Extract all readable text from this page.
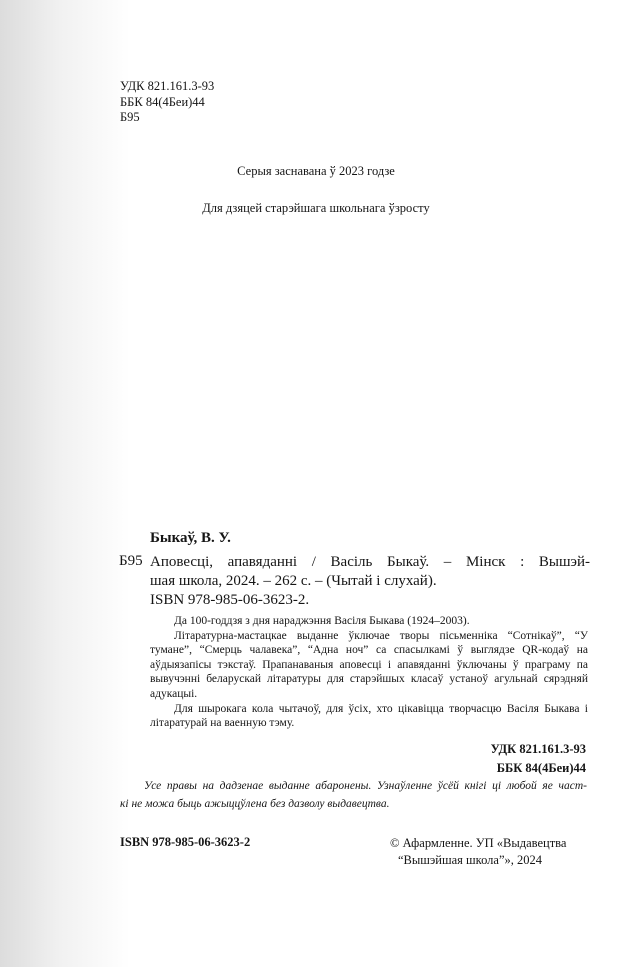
УДК 821.161.3-93
ББК 84(4Беи)44
Б95
Серыя заснавана ў 2023 годзе
Для дзяцей старэйшага школьнага ўзросту
Быкаў, В. У.
Б95 Аповесці, апавяданні / Васіль Быкаў. – Мінск : Вышэй-
шая школа, 2024. – 262 с. – (Чытай і слухай).
ISBN 978-985-06-3623-2.

Да 100-годдзя з дня нараджэння Васіля Быкава (1924–2003).

Літаратурна-мастацкае выданне ўключае творы пісьменніка “Сотнікаў”, “У тумане”, “Смерць чалавека”, “Адна ноч” са спасылкамі ў выглядзе QR-кодаў на аўдыязапісы тэкстаў. Прапанаваныя аповесці і апавяданні ўключаны ў праграму па вывучэнні беларускай літаратуры для старэйшых класаў устаноў агульнай сярэдняй адукацыі.

Для шырокага кола чытачоў, для ўсіх, хто цікавіцца творчасцю Васіля Быкава і літаратурай на ваенную тэму.

УДК 821.161.3-93
ББК 84(4Беи)44

Усе правы на дадзенае выданне абаронены. Узнаўленне ўсёй кнігі ці любой яе част-

кі не можа быць ажыццўлена без дазволу выдавецтва.

ISBN 978-985-06-3623-2	© Афармленне. УП «Выдавецтва
“Вышэйшая школа”», 2024
